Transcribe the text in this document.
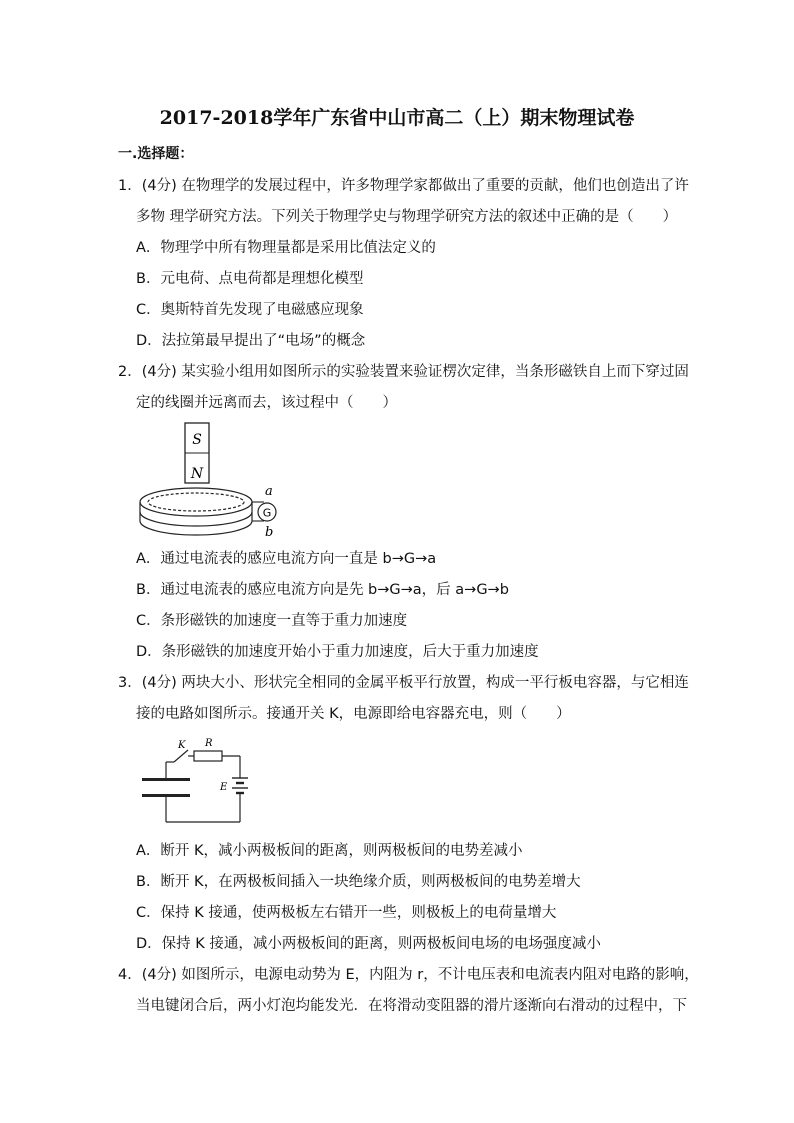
2017-2018学年广东省中山市高二（上）期末物理试卷
一.选择题：
1．(4分) 在物理学的发展过程中，许多物理学家都做出了重要的贡献，他们也创造出了许
多物 理学研究方法。下列关于物理学史与物理学研究方法的叙述中正确的是（　　）
A．物理学中所有物理量都是采用比值法定义的
B．元电荷、点电荷都是理想化模型
C．奥斯特首先发现了电磁感应现象
D．法拉第最早提出了“电场”的概念
2．(4分) 某实验小组用如图所示的实验装置来验证楞次定律，当条形磁铁自上而下穿过固
定的线圈并远离而去，该过程中（　　）
S
N
G
a
b
A．通过电流表的感应电流方向一直是 b→G→a
B．通过电流表的感应电流方向是先 b→G→a，后 a→G→b
C．条形磁铁的加速度一直等于重力加速度
D．条形磁铁的加速度开始小于重力加速度，后大于重力加速度
3．(4分) 两块大小、形状完全相同的金属平板平行放置，构成一平行板电容器，与它相连
接的电路如图所示。接通开关 K，电源即给电容器充电，则（　　）
K R
E
A．断开 K，减小两极板间的距离，则两极板间的电势差减小
B．断开 K，在两极板间插入一块绝缘介质，则两极板间的电势差增大
C．保持 K 接通，使两极板左右错开一些，则极板上的电荷量增大
D．保持 K 接通，减小两极板间的距离，则两极板间电场的电场强度减小
4．(4分) 如图所示，电源电动势为 E，内阻为 r，不计电压表和电流表内阻对电路的影响，
当电键闭合后，两小灯泡均能发光．在将滑动变阻器的滑片逐渐向右滑动的过程中，下
